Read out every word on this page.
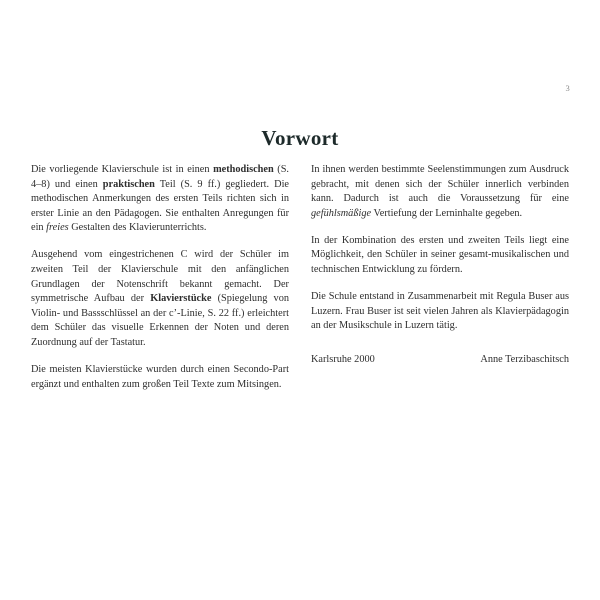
3
Vorwort

Die vorliegende Klavierschule ist in einen methodischen (S. 4–8) und einen praktischen Teil (S. 9 ff.) gegliedert. Die methodischen Anmerkungen des ersten Teils richten sich in erster Linie an den Pädagogen. Sie enthalten Anregungen für ein freies Gestalten des Klavierunterrichts.

Ausgehend vom eingestrichenen C wird der Schüler im zweiten Teil der Klavierschule mit den anfänglichen Grundlagen der Notenschrift bekannt gemacht. Der symmetrische Aufbau der Klavierstücke (Spiegelung von Violin- und Bassschlüssel an der c’-Linie, S. 22 ff.) erleichtert dem Schüler das visuelle Erkennen der Noten und deren Zuordnung auf der Tastatur.

Die meisten Klavierstücke wurden durch einen Secondo-Part ergänzt und enthalten zum großen Teil Texte zum Mitsingen.

In ihnen werden bestimmte Seelenstimmungen zum Ausdruck gebracht, mit denen sich der Schüler innerlich verbinden kann. Dadurch ist auch die Voraussetzung für eine gefühlsmäßige Vertiefung der Lerninhalte gegeben.

In der Kombination des ersten und zweiten Teils liegt eine Möglichkeit, den Schüler in seiner gesamt-musikalischen und technischen Entwicklung zu fördern.

Die Schule entstand in Zusammenarbeit mit Regula Buser aus Luzern. Frau Buser ist seit vielen Jahren als Klavierpädagogin an der Musikschule in Luzern tätig.

Karlsruhe 2000	Anne Terzibaschitsch
